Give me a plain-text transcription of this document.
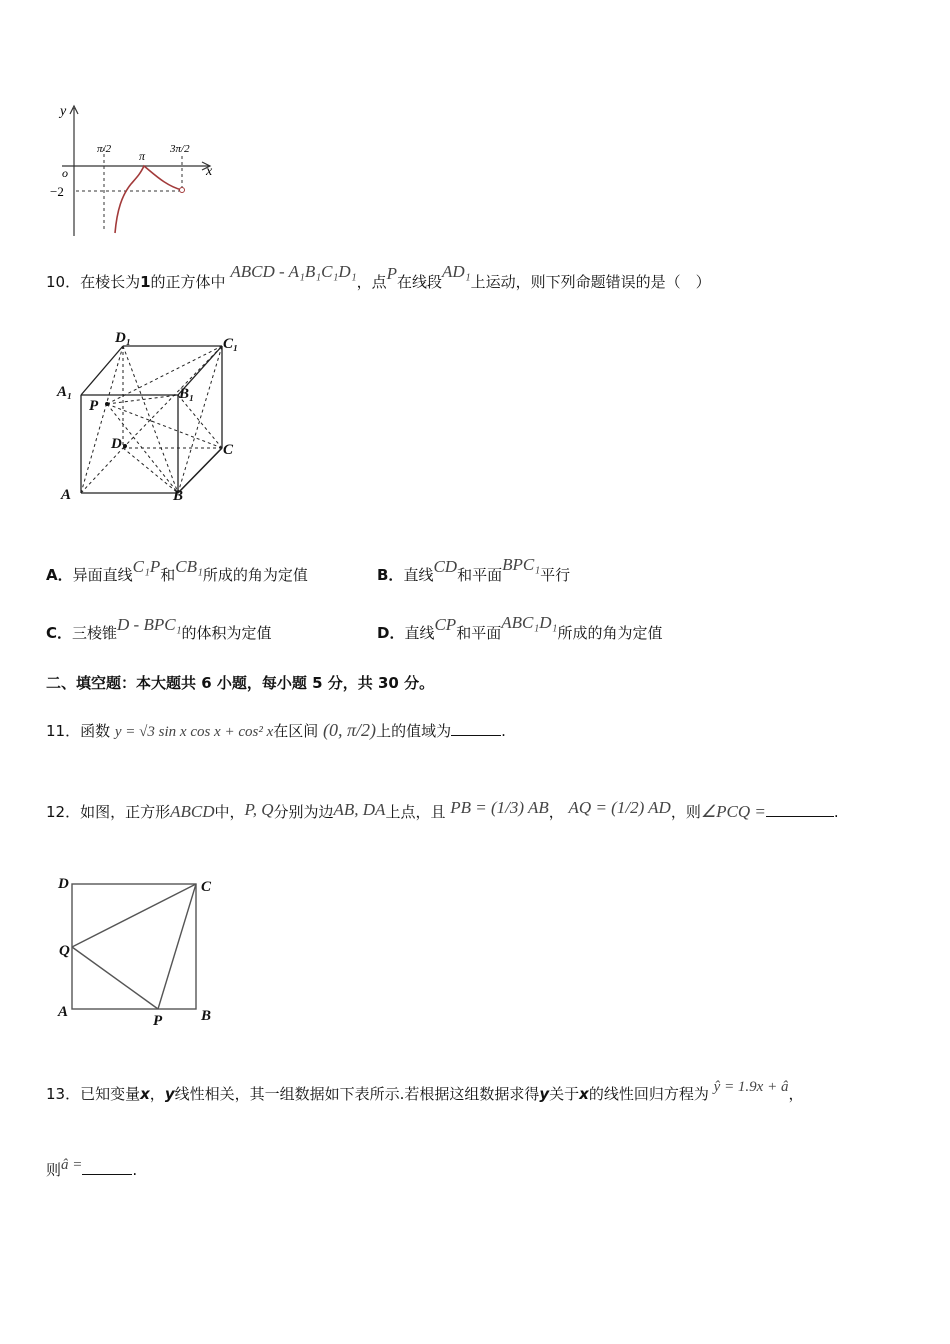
y
x
o
π/2 π 3π/2
−2
10．在棱长为1的正方体中 ABCD - A₁B₁C₁D₁，点P在线段AD₁上运动，则下列命题错误的是（　）
D₁	C₁
A₁	B₁
P
D	C
A	B
A．异面直线C₁P和CB₁所成的角为定值	B．直线CD和平面BPC₁平行
C．三棱锥D - BPC₁的体积为定值	D．直线CP和平面ABC₁D₁所成的角为定值
二、填空题：本大题共 6 小题，每小题 5 分，共 30 分。
11．函数 y = √3 sin x cos x + cos² x在区间 (0, π/2)上的值域为	.
12．如图，正方形ABCD中，P, Q分别为边AB, DA上点，且 PB = (1/3) AB， AQ = (1/2) AD，则∠PCQ =	.
D	C
Q
A
P	B
13．已知变量x，y线性相关，其一组数据如下表所示.若根据这组数据求得y关于x的线性回归方程为 ŷ = 1.9x + â，
则â =	.
